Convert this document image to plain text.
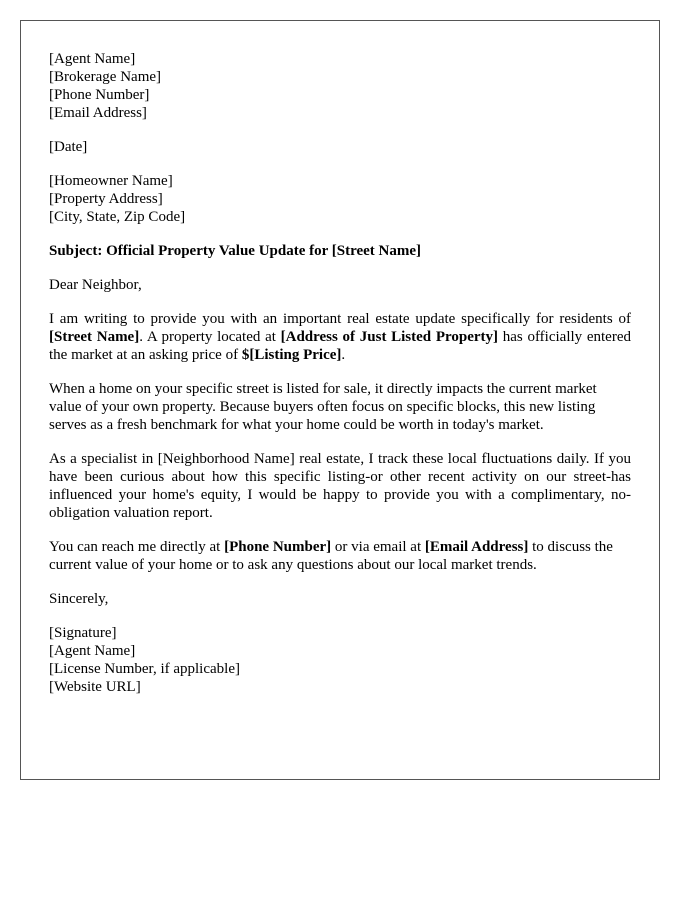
[Agent Name]
[Brokerage Name]
[Phone Number]
[Email Address]
[Date]
[Homeowner Name]
[Property Address]
[City, State, Zip Code]

Subject: Official Property Value Update for [Street Name]

Dear Neighbor,

I am writing to provide you with an important real estate update specifically for residents of [Street Name]. A property located at [Address of Just Listed Property] has officially entered the market at an asking price of $[Listing Price].

When a home on your specific street is listed for sale, it directly impacts the current market value of your own property. Because buyers often focus on specific blocks, this new listing serves as a fresh benchmark for what your home could be worth in today's market.

As a specialist in [Neighborhood Name] real estate, I track these local fluctuations daily. If you have been curious about how this specific listing-or other recent activity on our street-has influenced your home's equity, I would be happy to provide you with a complimentary, no-obligation valuation report.

You can reach me directly at [Phone Number] or via email at [Email Address] to discuss the current value of your home or to ask any questions about our local market trends.

Sincerely,

[Signature]
[Agent Name]
[License Number, if applicable]
[Website URL]
